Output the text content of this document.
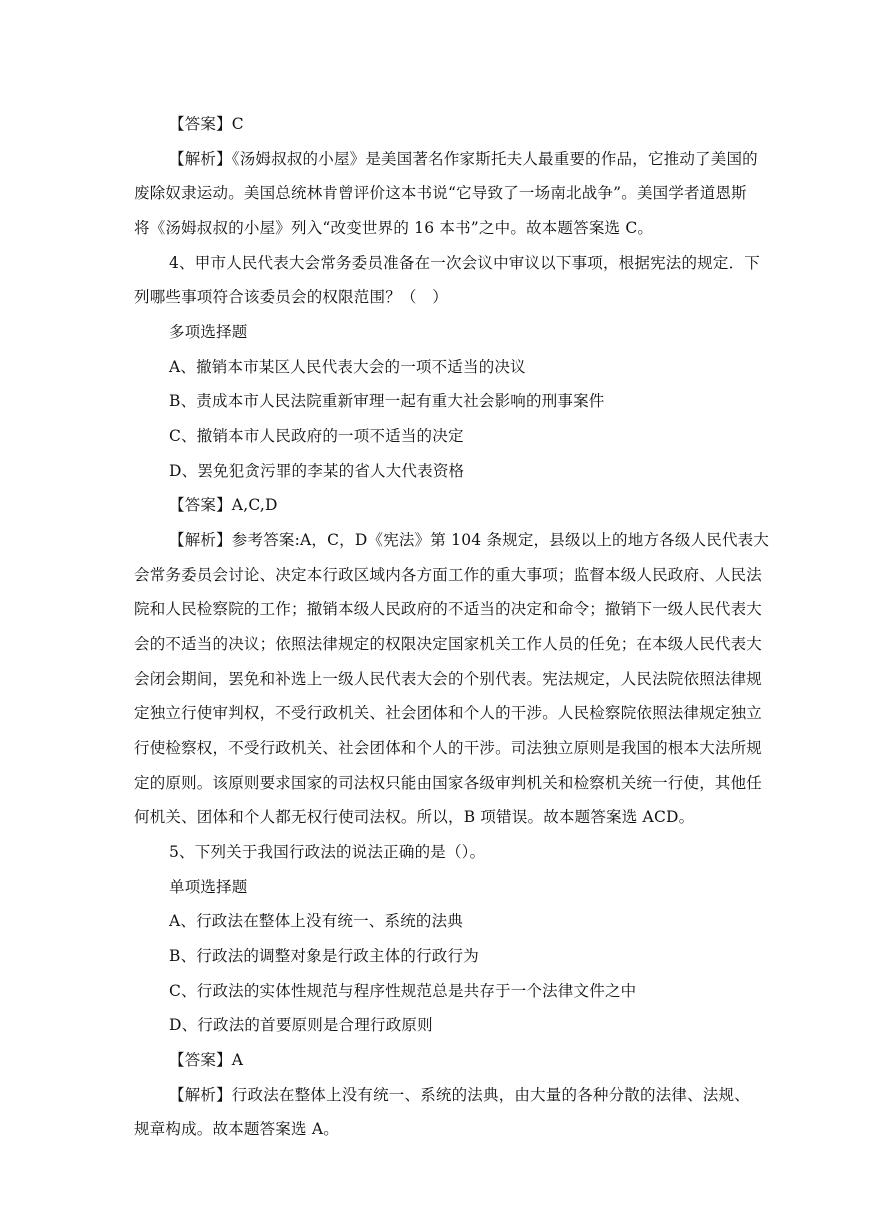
【答案】C
【解析】《汤姆叔叔的小屋》是美国著名作家斯托夫人最重要的作品，它推动了美国的
废除奴隶运动。美国总统林肯曾评价这本书说“它导致了一场南北战争”。美国学者道恩斯
将《汤姆叔叔的小屋》列入“改变世界的 16 本书”之中。故本题答案选 C。
4、甲市人民代表大会常务委员准备在一次会议中审议以下事项，根据宪法的规定．下
列哪些事项符合该委员会的权限范围？（　）
多项选择题
A、撤销本市某区人民代表大会的一项不适当的决议
B、责成本市人民法院重新审理一起有重大社会影响的刑事案件
C、撤销本市人民政府的一项不适当的决定
D、罢免犯贪污罪的李某的省人大代表资格
【答案】A,C,D
【解析】参考答案:A，C，D《宪法》第 104 条规定，县级以上的地方各级人民代表大
会常务委员会讨论、决定本行政区域内各方面工作的重大事项；监督本级人民政府、人民法
院和人民检察院的工作；撤销本级人民政府的不适当的决定和命令；撤销下一级人民代表大
会的不适当的决议；依照法律规定的权限决定国家机关工作人员的任免；在本级人民代表大
会闭会期间，罢免和补选上一级人民代表大会的个别代表。宪法规定，人民法院依照法律规
定独立行使审判权，不受行政机关、社会团体和个人的干涉。人民检察院依照法律规定独立
行使检察权，不受行政机关、社会团体和个人的干涉。司法独立原则是我国的根本大法所规
定的原则。该原则要求国家的司法权只能由国家各级审判机关和检察机关统一行使，其他任
何机关、团体和个人都无权行使司法权。所以，B 项错误。故本题答案选 ACD。
5、下列关于我国行政法的说法正确的是（）。
单项选择题
A、行政法在整体上没有统一、系统的法典
B、行政法的调整对象是行政主体的行政行为
C、行政法的实体性规范与程序性规范总是共存于一个法律文件之中
D、行政法的首要原则是合理行政原则
【答案】A
【解析】行政法在整体上没有统一、系统的法典，由大量的各种分散的法律、法规、
规章构成。故本题答案选 A。
